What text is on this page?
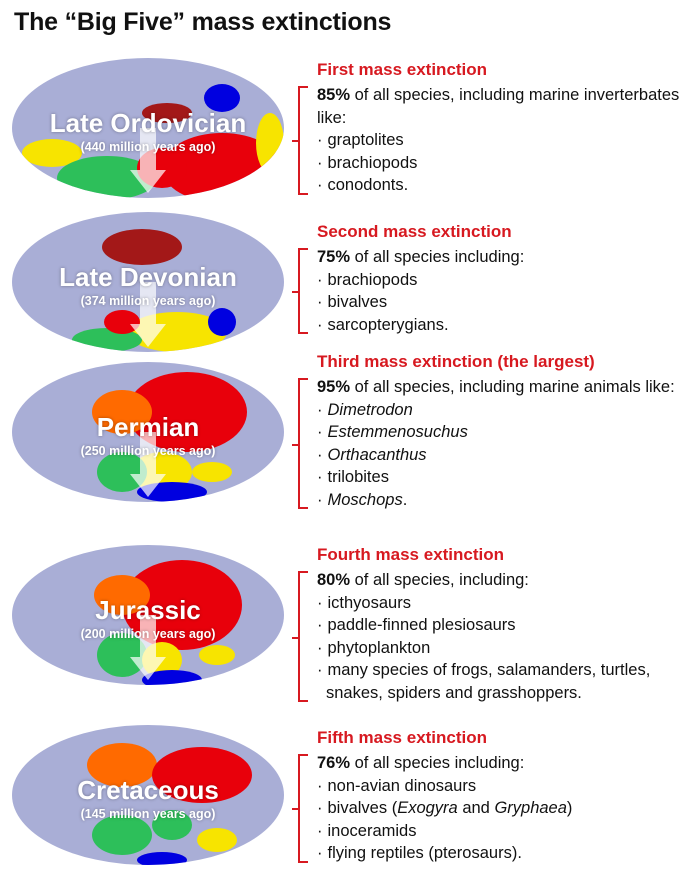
The “Big Five” mass extinctions
Late Ordovician
(440 million years ago)
First mass extinction
85% of all species, including marine inverterbates like:
· graptolites
· brachiopods
· conodonts.
Late Devonian
(374 million years ago)
Second mass extinction
75% of all species including:
· brachiopods
· bivalves
· sarcopterygians.
Permian
(250 million years ago)
Third mass extinction (the largest)
95% of all species, including marine animals like:
· Dimetrodon
· Estemmenosuchus
· Orthacanthus
· trilobites
· Moschops.
Jurassic
(200 million years ago)
Fourth mass extinction
80% of all species, including:
· icthyosaurs
· paddle-finned plesiosaurs
· phytoplankton
· many species of frogs, salamanders, turtles, snakes, spiders and grasshoppers.
Cretaceous
(145 million years ago)
Fifth mass extinction
76% of all species including:
· non-avian dinosaurs
· bivalves (Exogyra and Gryphaea)
· inoceramids
· flying reptiles (pterosaurs).
